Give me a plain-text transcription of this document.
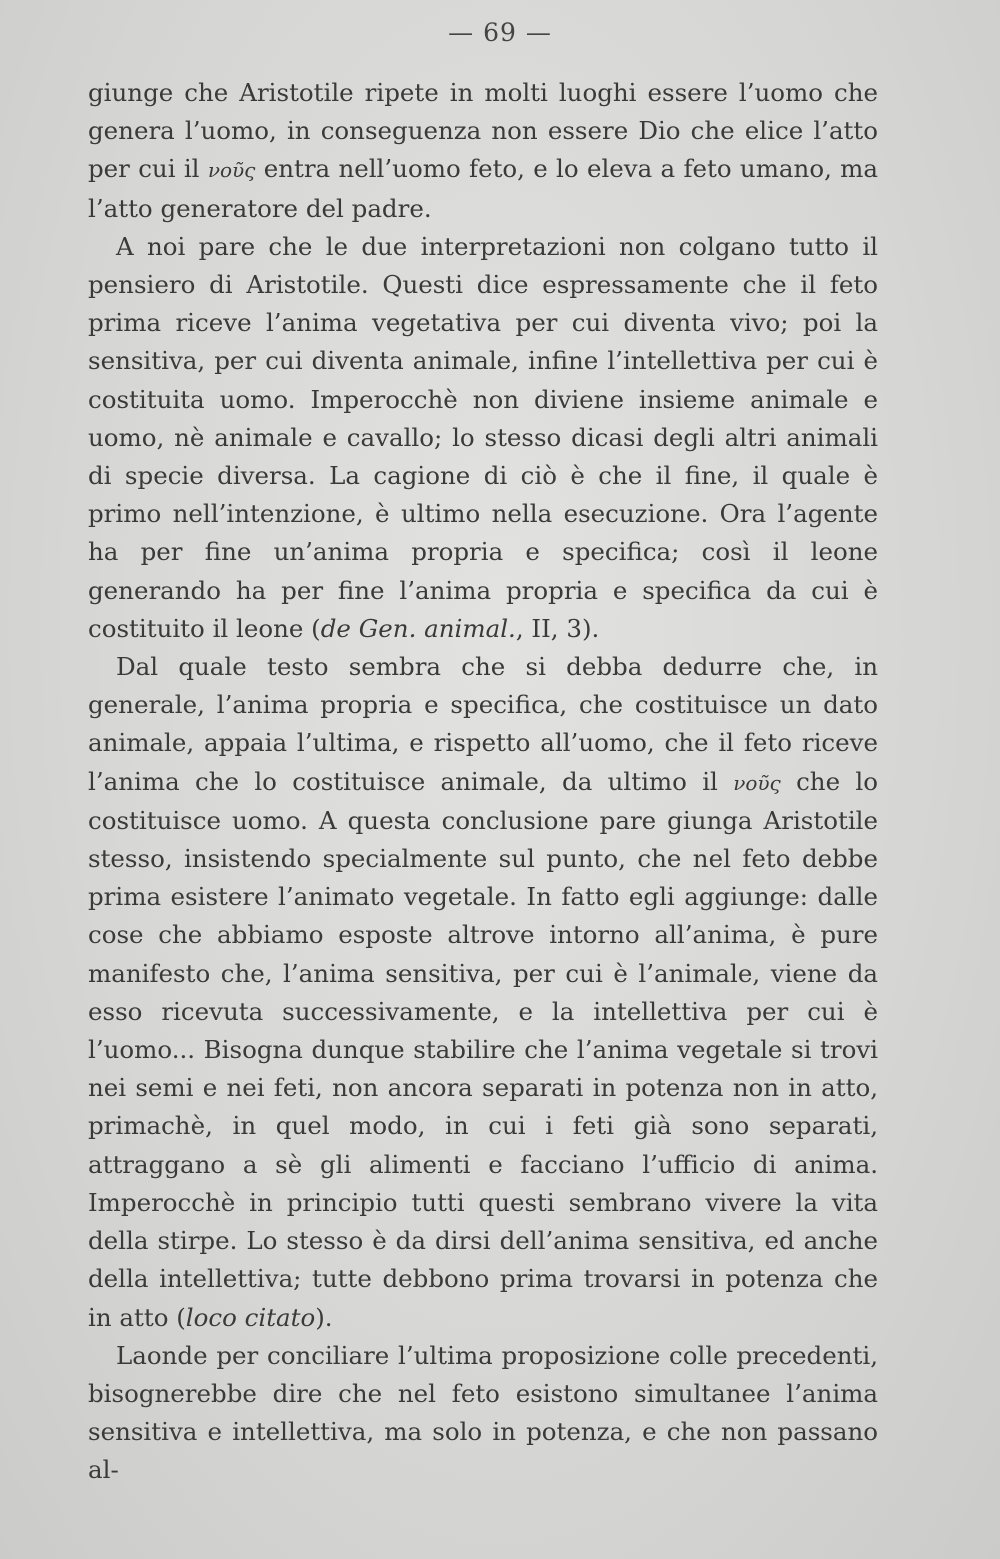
— 69 —

giunge che Aristotile ripete in molti luoghi essere l’uomo che genera l’uomo, in conseguenza non essere Dio che elice l’atto per cui il νοῦς entra nell’uomo feto, e lo eleva a feto umano, ma l’atto generatore del padre.

A noi pare che le due interpretazioni non colgano tutto il pensiero di Aristotile. Questi dice espressamente che il feto prima riceve l’anima vegetativa per cui diventa vivo; poi la sensitiva, per cui diventa animale, infine l’intellettiva per cui è costituita uomo. Imperocchè non diviene insieme animale e uomo, nè animale e cavallo; lo stesso dicasi degli altri animali di specie diversa. La cagione di ciò è che il fine, il quale è primo nell’intenzione, è ultimo nella esecuzione. Ora l’agente ha per fine un’anima propria e specifica; così il leone generando ha per fine l’anima propria e specifica da cui è costituito il leone (de Gen. animal., II, 3).

Dal quale testo sembra che si debba dedurre che, in generale, l’anima propria e specifica, che costituisce un dato animale, appaia l’ultima, e rispetto all’uomo, che il feto riceve l’anima che lo costituisce animale, da ultimo il νοῦς che lo costituisce uomo. A questa conclusione pare giunga Aristotile stesso, insistendo specialmente sul punto, che nel feto debbe prima esistere l’animato vegetale. In fatto egli aggiunge: dalle cose che abbiamo esposte altrove intorno all’anima, è pure manifesto che, l’anima sensitiva, per cui è l’animale, viene da esso ricevuta successivamente, e la intellettiva per cui è l’uomo... Bisogna dunque stabilire che l’anima vegetale si trovi nei semi e nei feti, non ancora separati in potenza non in atto, primachè, in quel modo, in cui i feti già sono separati, attraggano a sè gli alimenti e facciano l’ufficio di anima. Imperocchè in principio tutti questi sembrano vivere la vita della stirpe. Lo stesso è da dirsi dell’anima sensitiva, ed anche della intellettiva; tutte debbono prima trovarsi in potenza che in atto (loco citato).

Laonde per conciliare l’ultima proposizione colle precedenti, bisognerebbe dire che nel feto esistono simultanee l’anima sensitiva e intellettiva, ma solo in potenza, e che non passano al-
